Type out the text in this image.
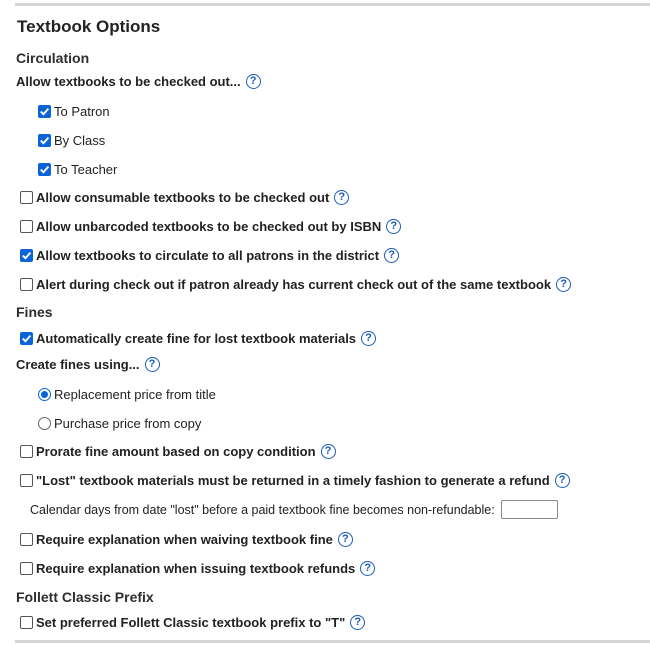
Textbook Options
Circulation
Allow textbooks to be checked out... ?
To Patron
By Class
To Teacher
Allow consumable textbooks to be checked out ?
Allow unbarcoded textbooks to be checked out by ISBN ?
Allow textbooks to circulate to all patrons in the district ?
Alert during check out if patron already has current check out of the same textbook ?
Fines
Automatically create fine for lost textbook materials ?
Create fines using... ?
Replacement price from title
Purchase price from copy
Prorate fine amount based on copy condition ?
"Lost" textbook materials must be returned in a timely fashion to generate a refund ?
Calendar days from date "lost" before a paid textbook fine becomes non-refundable:
Require explanation when waiving textbook fine ?
Require explanation when issuing textbook refunds ?
Follett Classic Prefix
Set preferred Follett Classic textbook prefix to "T" ?
